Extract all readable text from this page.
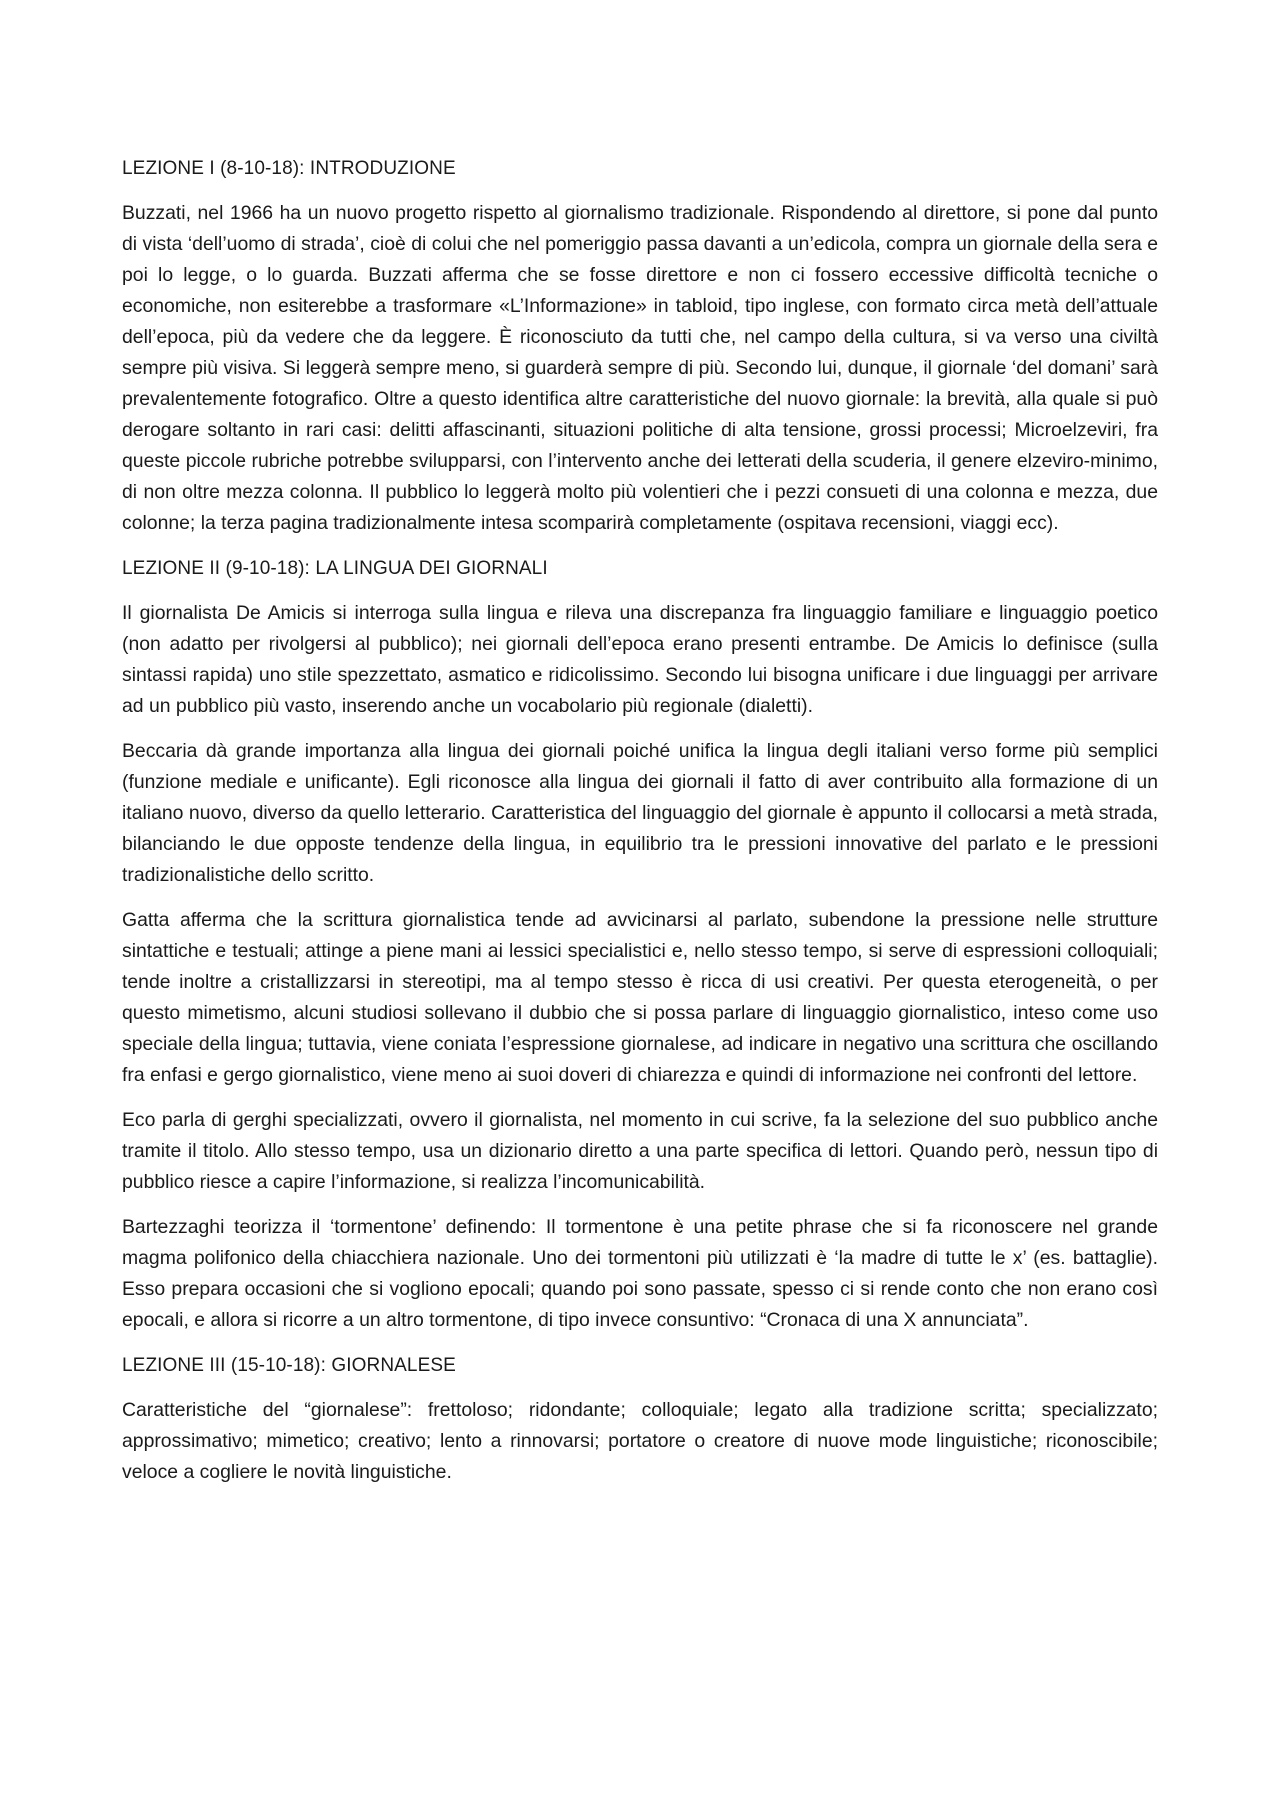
LEZIONE I (8-10-18): INTRODUZIONE

Buzzati, nel 1966 ha un nuovo progetto rispetto al giornalismo tradizionale. Rispondendo al direttore, si pone dal punto di vista ‘dell’uomo di strada’, cioè di colui che nel pomeriggio passa davanti a un’edicola, compra un giornale della sera e poi lo legge, o lo guarda. Buzzati afferma che se fosse direttore e non ci fossero eccessive difficoltà tecniche o economiche, non esiterebbe a trasformare «L’Informazione» in tabloid, tipo inglese, con formato circa metà dell’attuale dell’epoca, più da vedere che da leggere. È riconosciuto da tutti che, nel campo della cultura, si va verso una civiltà sempre più visiva. Si leggerà sempre meno, si guarderà sempre di più. Secondo lui, dunque, il giornale ‘del domani’ sarà prevalentemente fotografico. Oltre a questo identifica altre caratteristiche del nuovo giornale: la brevità, alla quale si può derogare soltanto in rari casi: delitti affascinanti, situazioni politiche di alta tensione, grossi processi; Microelzeviri, fra queste piccole rubriche potrebbe svilupparsi, con l’intervento anche dei letterati della scuderia, il genere elzeviro-minimo, di non oltre mezza colonna. Il pubblico lo leggerà molto più volentieri che i pezzi consueti di una colonna e mezza, due colonne; la terza pagina tradizionalmente intesa scomparirà completamente (ospitava recensioni, viaggi ecc).

LEZIONE II (9-10-18): LA LINGUA DEI GIORNALI

Il giornalista De Amicis si interroga sulla lingua e rileva una discrepanza fra linguaggio familiare e linguaggio poetico (non adatto per rivolgersi al pubblico); nei giornali dell’epoca erano presenti entrambe. De Amicis lo definisce (sulla sintassi rapida) uno stile spezzettato, asmatico e ridicolissimo. Secondo lui bisogna unificare i due linguaggi per arrivare ad un pubblico più vasto, inserendo anche un vocabolario più regionale (dialetti).

Beccaria dà grande importanza alla lingua dei giornali poiché unifica la lingua degli italiani verso forme più semplici (funzione mediale e unificante). Egli riconosce alla lingua dei giornali il fatto di aver contribuito alla formazione di un italiano nuovo, diverso da quello letterario. Caratteristica del linguaggio del giornale è appunto il collocarsi a metà strada, bilanciando le due opposte tendenze della lingua, in equilibrio tra le pressioni innovative del parlato e le pressioni tradizionalistiche dello scritto.

Gatta afferma che la scrittura giornalistica tende ad avvicinarsi al parlato, subendone la pressione nelle strutture sintattiche e testuali; attinge a piene mani ai lessici specialistici e, nello stesso tempo, si serve di espressioni colloquiali; tende inoltre a cristallizzarsi in stereotipi, ma al tempo stesso è ricca di usi creativi. Per questa eterogeneità, o per questo mimetismo, alcuni studiosi sollevano il dubbio che si possa parlare di linguaggio giornalistico, inteso come uso speciale della lingua; tuttavia, viene coniata l’espressione giornalese, ad indicare in negativo una scrittura che oscillando fra enfasi e gergo giornalistico, viene meno ai suoi doveri di chiarezza e quindi di informazione nei confronti del lettore.

Eco parla di gerghi specializzati, ovvero il giornalista, nel momento in cui scrive, fa la selezione del suo pubblico anche tramite il titolo. Allo stesso tempo, usa un dizionario diretto a una parte specifica di lettori. Quando però, nessun tipo di pubblico riesce a capire l’informazione, si realizza l’incomunicabilità.

Bartezzaghi teorizza il ‘tormentone’ definendo: Il tormentone è una petite phrase che si fa riconoscere nel grande magma polifonico della chiacchiera nazionale. Uno dei tormentoni più utilizzati è ‘la madre di tutte le x’ (es. battaglie). Esso prepara occasioni che si vogliono epocali; quando poi sono passate, spesso ci si rende conto che non erano così epocali, e allora si ricorre a un altro tormentone, di tipo invece consuntivo: “Cronaca di una X annunciata”.

LEZIONE III (15-10-18): GIORNALESE

Caratteristiche del “giornalese”: frettoloso; ridondante; colloquiale; legato alla tradizione scritta; specializzato; approssimativo; mimetico; creativo; lento a rinnovarsi; portatore o creatore di nuove mode linguistiche; riconoscibile; veloce a cogliere le novità linguistiche.
